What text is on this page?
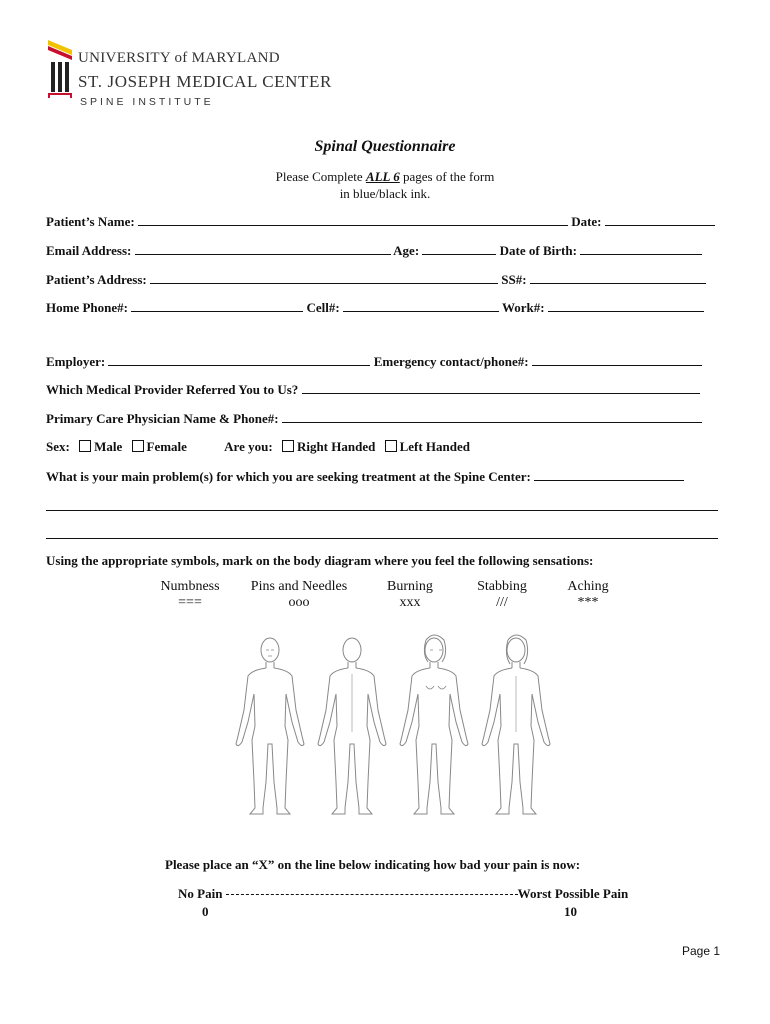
UNIVERSITY of MARYLAND
ST. JOSEPH MEDICAL CENTER
SPINE INSTITUTE
Spinal Questionnaire
Please Complete ALL 6 pages of the form
in blue/black ink.
Patient’s Name:	Date:
Email Address:	Age:	Date of Birth:
Patient’s Address:	SS#:
Home Phone#:	Cell#:	Work#:
Employer:	Emergency contact/phone#:
Which Medical Provider Referred You to Us?
Primary Care Physician Name & Phone#:
Sex: Male Female	Are you: Right Handed Left Handed
What is your main problem(s) for which you are seeking treatment at the Spine Center:
Using the appropriate symbols, mark on the body diagram where you feel the following sensations:
Numbness
===
Pins and Needles
ooo
Burning
xxx
Stabbing
///
Aching
***
Please place an “X” on the line below indicating how bad your pain is now:
No Pain	Worst Possible Pain
0	10
Page 1
